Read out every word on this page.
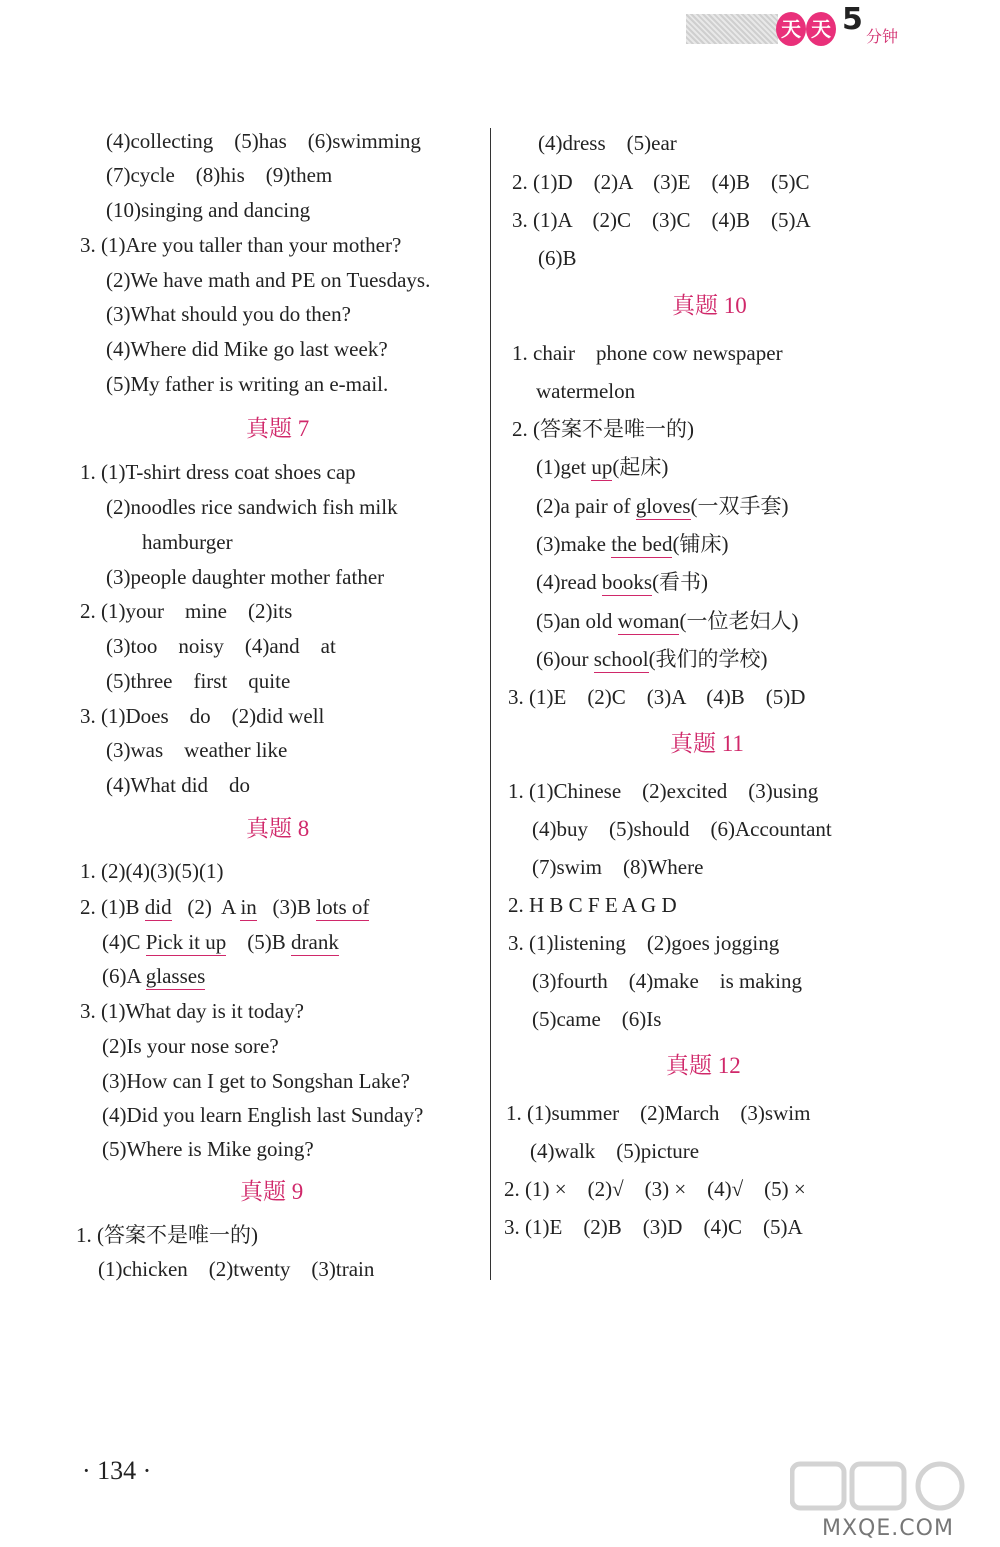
天 天 5 分钟
(4)collecting    (5)has    (6)swimming
(7)cycle    (8)his    (9)them
(10)singing and dancing
3. (1)Are you taller than your mother?
(2)We have math and PE on Tuesdays.
(3)What should you do then?
(4)Where did Mike go last week?
(5)My father is writing an e-mail.
真题 7
1. (1)T-shirt dress coat shoes cap
(2)noodles rice sandwich fish milk
hamburger
(3)people daughter mother father
2. (1)your    mine    (2)its
(3)too    noisy    (4)and    at
(5)three    first    quite
3. (1)Does    do    (2)did well
(3)was    weather like
(4)What did    do
真题 8
1. (2)(4)(3)(5)(1)
2. (1)B did   (2)  A in   (3)B lots of
(4)C Pick it up    (5)B drank
(6)A glasses
3. (1)What day is it today?
(2)Is your nose sore?
(3)How can I get to Songshan Lake?
(4)Did you learn English last Sunday?
(5)Where is Mike going?
真题 9
1. (答案不是唯一的)
(1)chicken    (2)twenty    (3)train
(4)dress    (5)ear
2. (1)D    (2)A    (3)E    (4)B    (5)C
3. (1)A    (2)C    (3)C    (4)B    (5)A
(6)B
真题 10
1. chair    phone cow newspaper
watermelon
2. (答案不是唯一的)
(1)get up(起床)
(2)a pair of gloves(一双手套)
(3)make the bed(铺床)
(4)read books(看书)
(5)an old woman(一位老妇人)
(6)our school(我们的学校)
3. (1)E    (2)C    (3)A    (4)B    (5)D
真题 11
1. (1)Chinese    (2)excited    (3)using
(4)buy    (5)should    (6)Accountant
(7)swim    (8)Where
2. H B C F E A G D
3. (1)listening    (2)goes jogging
(3)fourth    (4)make    is making
(5)came    (6)Is
真题 12
1. (1)summer    (2)March    (3)swim
(4)walk    (5)picture
2. (1) ×    (2)√    (3) ×    (4)√    (5) ×
3. (1)E    (2)B    (3)D    (4)C    (5)A
· 134 ·
MXQE.COM
